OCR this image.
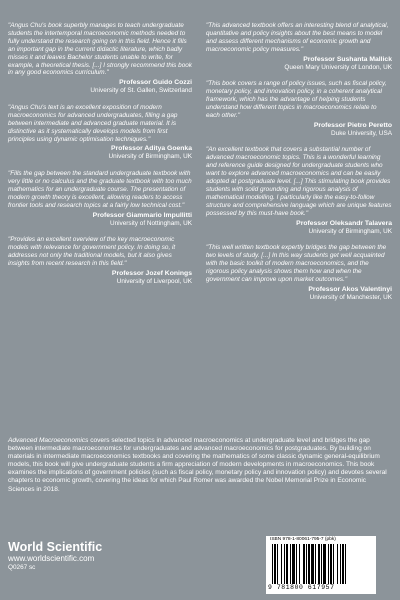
"Angus Chu's book superbly manages to teach undergraduate students the intertemporal macroeconomic methods needed to fully understand the research going on in this field. Hence it fills an important gap in the current didactic literature, which badly misses it and leaves Bachelor students unable to write, for example, a theoretical thesis. [...] I strongly recommend this book in any good economics curriculum."

Professor Guido Cozzi
University of St. Gallen, Switzerland

"Angus Chu's text is an excellent exposition of modern macroeconomics for advanced undergraduates, filling a gap between intermediate and advanced graduate material. It is distinctive as it systematically develops models from first principles using dynamic optimisation techniques."

Professor Aditya Goenka
University of Birmingham, UK

"Fills the gap between the standard undergraduate textbook with very little or no calculus and the graduate textbook with too much mathematics for an undergraduate course. The presentation of modern growth theory is excellent, allowing readers to access frontier tools and research topics at a fairly low technical cost."

Professor Giammario Impullitti
University of Nottingham, UK

"Provides an excellent overview of the key macroeconomic models with relevance for government policy. In doing so, it addresses not only the traditional models, but it also gives insights from recent research in this field."

Professor Jozef Konings
University of Liverpool, UK

"This advanced textbook offers an interesting blend of analytical, quantitative and policy insights about the best means to model and assess different mechanisms of economic growth and macroeconomic policy measures."

Professor Sushanta Mallick
Queen Mary University of London, UK

"This book covers a range of policy issues, such as fiscal policy, monetary policy, and innovation policy, in a coherent analytical framework, which has the advantage of helping students understand how different topics in macroeconomics relate to each other."

Professor Pietro Peretto
Duke University, USA

"An excellent textbook that covers a substantial number of advanced macroeconomic topics. This is a wonderful learning and reference guide designed for undergraduate students who want to explore advanced macroeconomics and can be easily adopted at postgraduate level. [...] This stimulating book provides students with solid grounding and rigorous analysis of mathematical modelling. I particularly like the easy-to-follow structure and comprehensive language which are unique features possessed by this must-have book."

Professor Oleksandr Talavera
University of Birmingham, UK

"This well written textbook expertly bridges the gap between the two levels of study. [...] In this way students get well acquainted with the basic toolkit of modern macroeconomics, and the rigorous policy analysis shows them how and when the government can improve upon market outcomes."

Professor Akos Valentinyi
University of Manchester, UK

Advanced Macroeconomics covers selected topics in advanced macroeconomics at undergraduate level and bridges the gap between intermediate macroeconomics for undergraduates and advanced macroeconomics for postgraduates. By building on materials in intermediate macroeconomics textbooks and covering the mathematics of some classic dynamic general-equilibrium models, this book will give undergraduate students a firm appreciation of modern developments in macroeconomics. This book examines the implications of government policies (such as fiscal policy, monetary policy and innovation policy) and devotes several chapters to economic growth, covering the ideas for which Paul Romer was awarded the Nobel Memorial Prize in Economic Sciences in 2018.

World Scientific
www.worldscientific.com
Q0267 sc
ISBN 978-1-80061-795-7 (pbk)
9 781800 617957
